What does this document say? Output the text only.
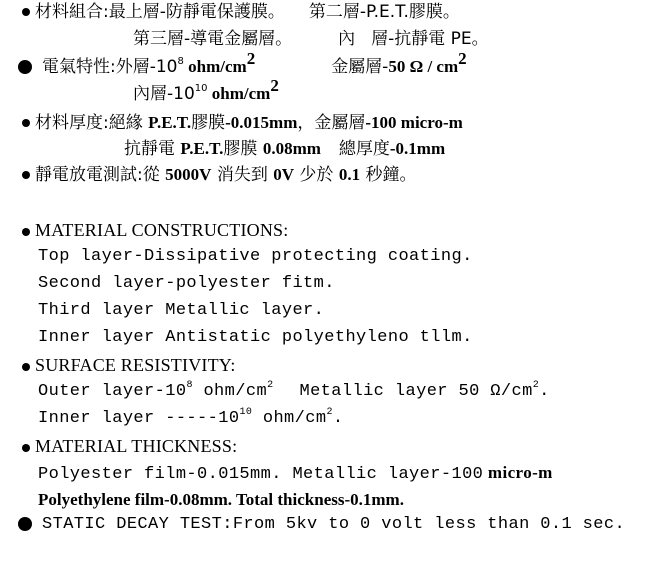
材料組合:最上層-防靜電保護膜。 第二層-P.E.T.膠膜。
第三層-導電金屬層。	內 層-抗靜電 PE。
電氣特性:外層$-10^8$ ohm/$cm^2$	金屬層-50 Ω / $cm^2$
內層$-10^{10}$ ohm/$cm^2$
材料厚度:絕緣 P.E.T.膠膜-0.015mm，金屬層-100 micro-m
抗靜電 P.E.T.膠膜 0.08mm 總厚度-0.1mm
靜電放電測試:從 5000V 消失到 0V 少於 0.1 秒鐘。
MATERIAL CONSTRUCTIONS:
Top layer-Dissipative protecting coating.
Second layer-polyester fitm.
Third layer Metallic layer.
Inner layer Antistatic polyethyleno tllm.
SURFACE RESISTIVITY:
Outer layer-$10^8$ ohm/$cm^2$ Metallic layer 50 $\Omega/cm^2$.
Inner layer $-----10^{10}$ ohm/$cm^2$.
MATERIAL THICKNESS:
Polyester film-0.015mm. Metallic layer-100 micro-m
Polyethylene film-0.08mm. Total thickness-0.1mm.
STATIC DECAY TEST:From 5kv to 0 volt less than 0.1 sec.
